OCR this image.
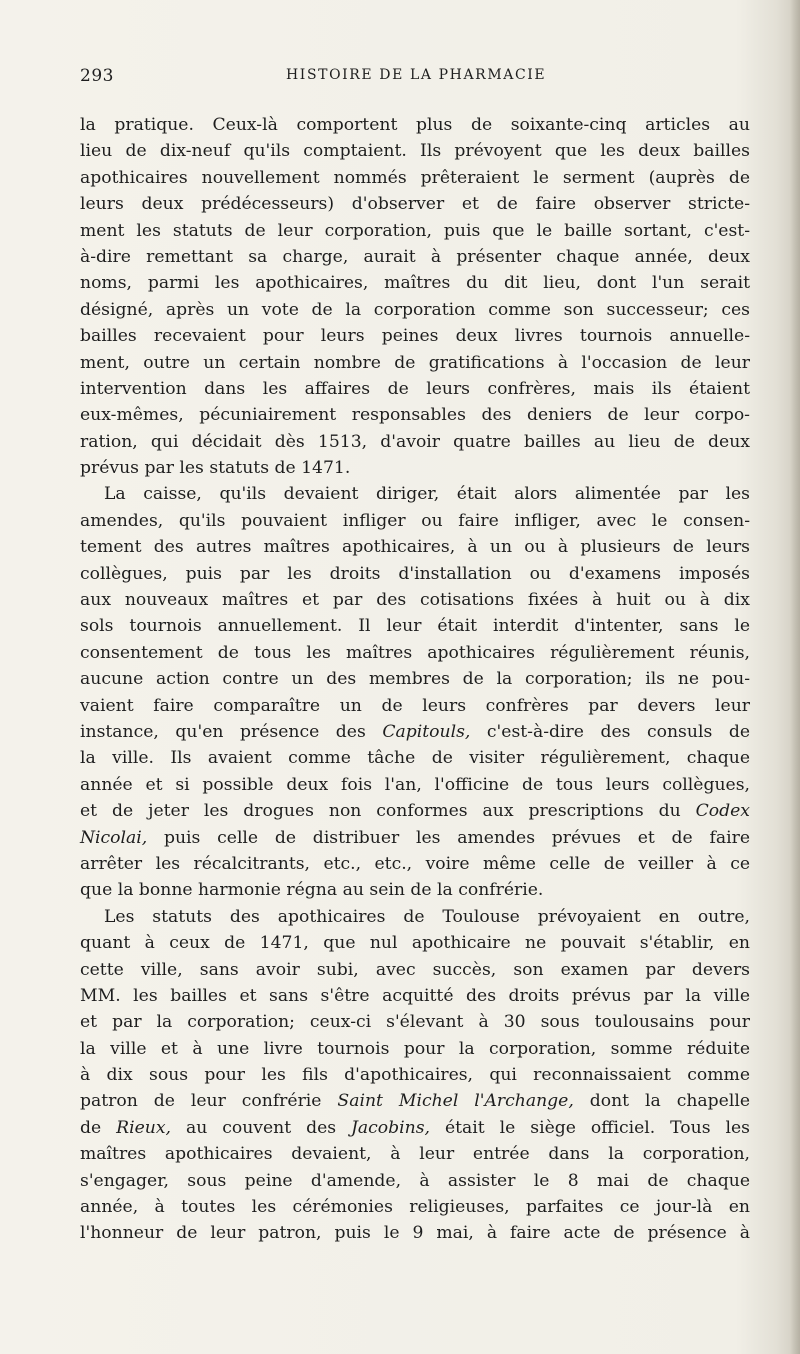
293	HISTOIRE DE LA PHARMACIE
la pratique. Ceux-là comportent plus de soixante-cinq articles au
lieu de dix-neuf qu'ils comptaient. Ils prévoyent que les deux bailles
apothicaires nouvellement nommés prêteraient le serment (auprès de
leurs deux prédécesseurs) d'observer et de faire observer stricte-
ment les statuts de leur corporation, puis que le baille sortant, c'est-
à-dire remettant sa charge, aurait à présenter chaque année, deux
noms, parmi les apothicaires, maîtres du dit lieu, dont l'un serait
désigné, après un vote de la corporation comme son successeur; ces
bailles recevaient pour leurs peines deux livres tournois annuelle-
ment, outre un certain nombre de gratifications à l'occasion de leur
intervention dans les affaires de leurs confrères, mais ils étaient
eux-mêmes, pécuniairement responsables des deniers de leur corpo-
ration, qui décidait dès 1513, d'avoir quatre bailles au lieu de deux
prévus par les statuts de 1471.
La caisse, qu'ils devaient diriger, était alors alimentée par les
amendes, qu'ils pouvaient infliger ou faire infliger, avec le consen-
tement des autres maîtres apothicaires, à un ou à plusieurs de leurs
collègues, puis par les droits d'installation ou d'examens imposés
aux nouveaux maîtres et par des cotisations fixées à huit ou à dix
sols tournois annuellement. Il leur était interdit d'intenter, sans le
consentement de tous les maîtres apothicaires régulièrement réunis,
aucune action contre un des membres de la corporation; ils ne pou-
vaient faire comparaître un de leurs confrères par devers leur
instance, qu'en présence des Capitouls, c'est-à-dire des consuls de
la ville. Ils avaient comme tâche de visiter régulièrement, chaque
année et si possible deux fois l'an, l'officine de tous leurs collègues,
et de jeter les drogues non conformes aux prescriptions du Codex
Nicolai, puis celle de distribuer les amendes prévues et de faire
arrêter les récalcitrants, etc., etc., voire même celle de veiller à ce
que la bonne harmonie régna au sein de la confrérie.
Les statuts des apothicaires de Toulouse prévoyaient en outre,
quant à ceux de 1471, que nul apothicaire ne pouvait s'établir, en
cette ville, sans avoir subi, avec succès, son examen par devers
MM. les bailles et sans s'être acquitté des droits prévus par la ville
et par la corporation; ceux-ci s'élevant à 30 sous toulousains pour
la ville et à une livre tournois pour la corporation, somme réduite
à dix sous pour les fils d'apothicaires, qui reconnaissaient comme
patron de leur confrérie Saint Michel l'Archange, dont la chapelle
de Rieux, au couvent des Jacobins, était le siège officiel. Tous les
maîtres apothicaires devaient, à leur entrée dans la corporation,
s'engager, sous peine d'amende, à assister le 8 mai de chaque
année, à toutes les cérémonies religieuses, parfaites ce jour-là en
l'honneur de leur patron, puis le 9 mai, à faire acte de présence à
